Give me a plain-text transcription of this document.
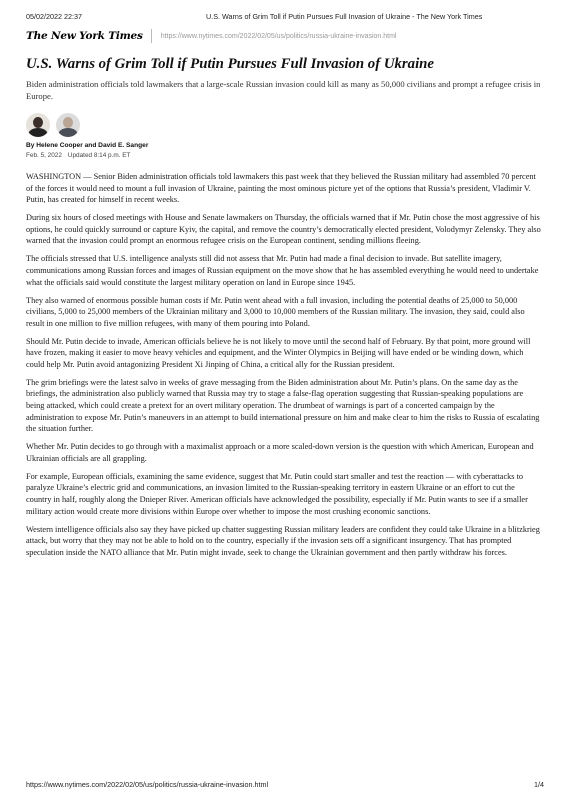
05/02/2022 22:37	U.S. Warns of Grim Toll if Putin Pursues Full Invasion of Ukraine - The New York Times
The New York Times	https://www.nytimes.com/2022/02/05/us/politics/russia-ukraine-invasion.html
U.S. Warns of Grim Toll if Putin Pursues Full Invasion of Ukraine

Biden administration officials told lawmakers that a large-scale Russian invasion could kill as many as 50,000 civilians and prompt a refugee crisis in Europe.

By Helene Cooper and David E. Sanger
Feb. 5, 2022 Updated 8:14 p.m. ET

WASHINGTON — Senior Biden administration officials told lawmakers this past week that they believed the Russian military had assembled 70 percent of the forces it would need to mount a full invasion of Ukraine, painting the most ominous picture yet of the options that Russia’s president, Vladimir V. Putin, has created for himself in recent weeks.

During six hours of closed meetings with House and Senate lawmakers on Thursday, the officials warned that if Mr. Putin chose the most aggressive of his options, he could quickly surround or capture Kyiv, the capital, and remove the country’s democratically elected president, Volodymyr Zelensky. They also warned that the invasion could prompt an enormous refugee crisis on the European continent, sending millions fleeing.

The officials stressed that U.S. intelligence analysts still did not assess that Mr. Putin had made a final decision to invade. But satellite imagery, communications among Russian forces and images of Russian equipment on the move show that he has assembled everything he would need to undertake what the officials said would constitute the largest military operation on land in Europe since 1945.

They also warned of enormous possible human costs if Mr. Putin went ahead with a full invasion, including the potential deaths of 25,000 to 50,000 civilians, 5,000 to 25,000 members of the Ukrainian military and 3,000 to 10,000 members of the Russian military. The invasion, they said, could also result in one million to five million refugees, with many of them pouring into Poland.

Should Mr. Putin decide to invade, American officials believe he is not likely to move until the second half of February. By that point, more ground will have frozen, making it easier to move heavy vehicles and equipment, and the Winter Olympics in Beijing will have ended or be winding down, which could help Mr. Putin avoid antagonizing President Xi Jinping of China, a critical ally for the Russian president.

The grim briefings were the latest salvo in weeks of grave messaging from the Biden administration about Mr. Putin’s plans. On the same day as the briefings, the administration also publicly warned that Russia may try to stage a false-flag operation suggesting that Russian-speaking populations are being attacked, which could create a pretext for an overt military operation. The drumbeat of warnings is part of a concerted campaign by the administration to expose Mr. Putin’s maneuvers in an attempt to build international pressure on him and make clear to him the risks to Russia of escalating the situation further.

Whether Mr. Putin decides to go through with a maximalist approach or a more scaled-down version is the question with which American, European and Ukrainian officials are all grappling.

For example, European officials, examining the same evidence, suggest that Mr. Putin could start smaller and test the reaction — with cyberattacks to paralyze Ukraine’s electric grid and communications, an invasion limited to the Russian-speaking territory in eastern Ukraine or an effort to cut the country in half, roughly along the Dnieper River. American officials have acknowledged the possibility, especially if Mr. Putin wants to see if a smaller military action would create more divisions within Europe over whether to impose the most crushing economic sanctions.

Western intelligence officials also say they have picked up chatter suggesting Russian military leaders are confident they could take Ukraine in a blitzkrieg attack, but worry that they may not be able to hold on to the country, especially if the invasion sets off a significant insurgency. That has prompted speculation inside the NATO alliance that Mr. Putin might invade, seek to change the Ukrainian government and then partly withdraw his forces.

https://www.nytimes.com/2022/02/05/us/politics/russia-ukraine-invasion.html	1/4
